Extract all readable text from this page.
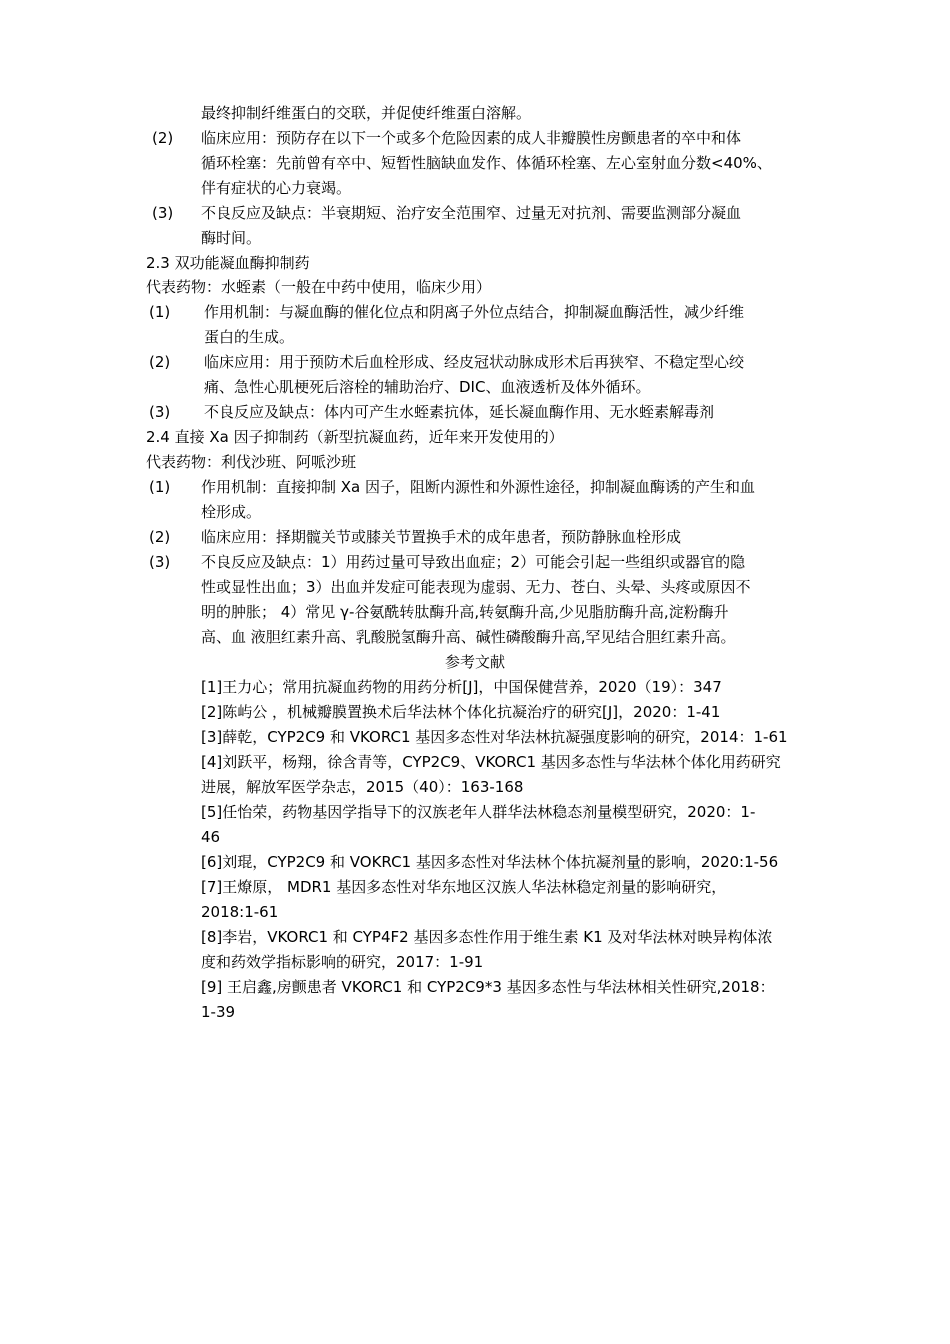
最终抑制纤维蛋白的交联，并促使纤维蛋白溶解。
(2) 临床应用：预防存在以下一个或多个危险因素的成人非瓣膜性房颤患者的卒中和体
循环栓塞：先前曾有卒中、短暂性脑缺血发作、体循环栓塞、左心室射血分数<40%、
伴有症状的心力衰竭。
(3) 不良反应及缺点：半衰期短、治疗安全范围窄、过量无对抗剂、需要监测部分凝血
酶时间。
2.3 双功能凝血酶抑制药
代表药物：水蛭素（一般在中药中使用，临床少用）
(1) 作用机制：与凝血酶的催化位点和阴离子外位点结合，抑制凝血酶活性，减少纤维
蛋白的生成。
(2) 临床应用：用于预防术后血栓形成、经皮冠状动脉成形术后再狭窄、不稳定型心绞
痛、急性心肌梗死后溶栓的辅助治疗、DIC、血液透析及体外循环。
(3) 不良反应及缺点：体内可产生水蛭素抗体，延长凝血酶作用、无水蛭素解毒剂
2.4 直接 Xa 因子抑制药（新型抗凝血药，近年来开发使用的）
代表药物：利伐沙班、阿哌沙班
(1) 作用机制：直接抑制 Xa 因子，阻断内源性和外源性途径，抑制凝血酶诱的产生和血
栓形成。
(2) 临床应用：择期髋关节或膝关节置换手术的成年患者，预防静脉血栓形成
(3) 不良反应及缺点：1）用药过量可导致出血症；2）可能会引起一些组织或器官的隐
性或显性出血；3）出血并发症可能表现为虚弱、无力、苍白、头晕、头疼或原因不
明的肿胀； 4）常见 γ-谷氨酰转肽酶升高,转氨酶升高,少见脂肪酶升高,淀粉酶升
高、血 液胆红素升高、乳酸脱氢酶升高、碱性磷酸酶升高,罕见结合胆红素升高。
参考文献
[1]王力心；常用抗凝血药物的用药分析[J]，中国保健营养，2020（19）：347
[2]陈屿公 ，机械瓣膜置换术后华法林个体化抗凝治疗的研究[J]，2020：1-41
[3]薛乾，CYP2C9 和 VKORC1 基因多态性对华法林抗凝强度影响的研究，2014：1-61
[4]刘跃平，杨翔，徐含青等，CYP2C9、VKORC1 基因多态性与华法林个体化用药研究
进展，解放军医学杂志，2015（40）：163-168
[5]任怡荣，药物基因学指导下的汉族老年人群华法林稳态剂量模型研究，2020：1-
46
[6]刘琨，CYP2C9 和 VOKRC1 基因多态性对华法林个体抗凝剂量的影响，2020:1-56
[7]王燎原， MDR1 基因多态性对华东地区汉族人华法林稳定剂量的影响研究，
2018:1-61
[8]李岩，VKORC1 和 CYP4F2 基因多态性作用于维生素 K1 及对华法林对映异构体浓
度和药效学指标影响的研究，2017：1-91
[9] 王启鑫,房颤患者 VKORC1 和 CYP2C9*3 基因多态性与华法林相关性研究,2018：
1-39
